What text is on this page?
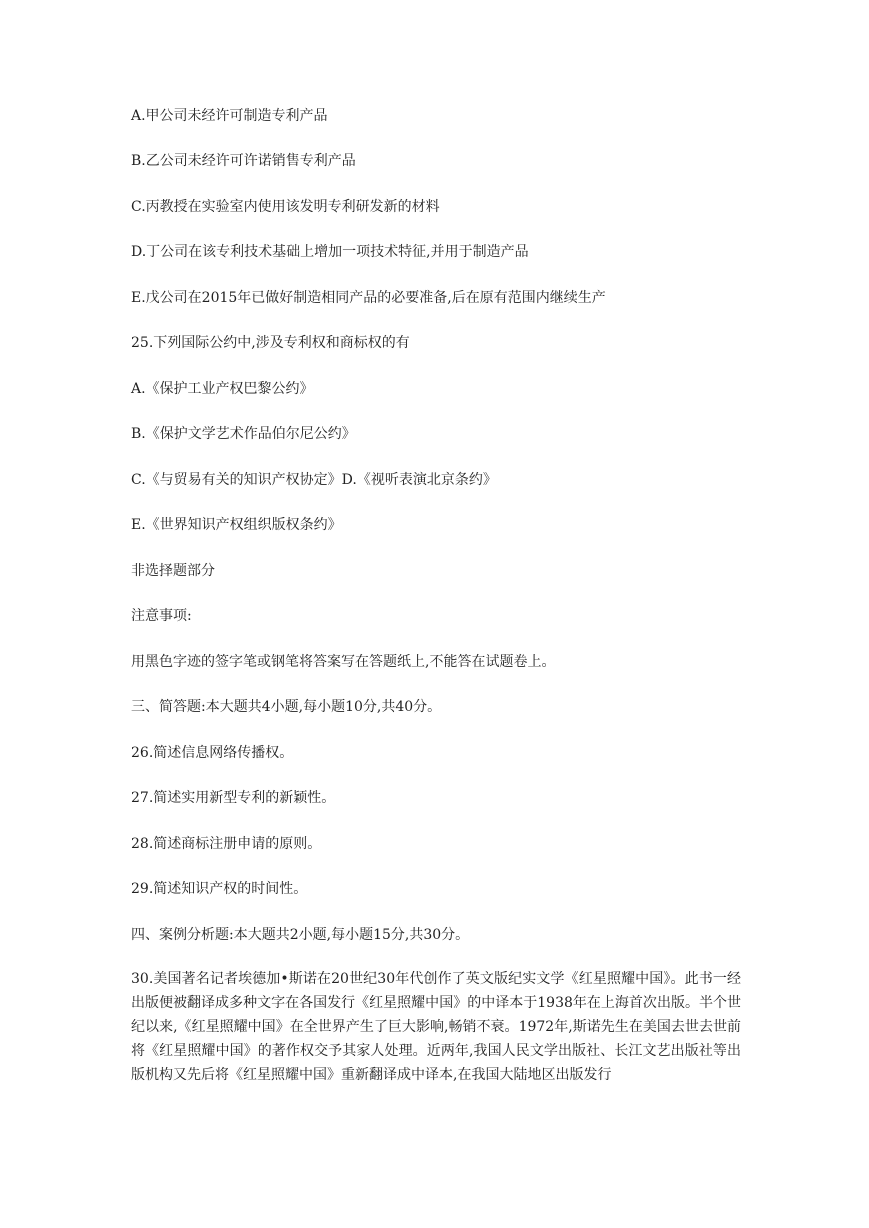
A.甲公司未经许可制造专利产品
B.乙公司未经许可许诺销售专利产品
C.丙教授在实验室内使用该发明专利研发新的材料
D.丁公司在该专利技术基础上增加一项技术特征,并用于制造产品
E.戊公司在2015年已做好制造相同产品的必要准备,后在原有范围内继续生产
25.下列国际公约中,涉及专利权和商标权的有
A.《保护工业产权巴黎公约》
B.《保护文学艺术作品伯尔尼公约》
C.《与贸易有关的知识产权协定》D.《视听表演北京条约》
E.《世界知识产权组织版权条约》
非选择题部分
注意事项:
用黑色字迹的签字笔或钢笔将答案写在答题纸上,不能答在试题卷上。
三、简答题:本大题共4小题,每小题10分,共40分。
26.简述信息网络传播权。
27.简述实用新型专利的新颖性。
28.简述商标注册申请的原则。
29.简述知识产权的时间性。
四、案例分析题:本大题共2小题,每小题15分,共30分。
30.美国著名记者埃德加•斯诺在20世纪30年代创作了英文版纪实文学《红星照耀中国》。此书一经出版便被翻译成多种文字在各国发行《红星照耀中国》的中译本于1938年在上海首次出版。半个世纪以来,《红星照耀中国》在全世界产生了巨大影响,畅销不衰。1972年,斯诺先生在美国去世去世前将《红星照耀中国》的著作权交予其家人处理。近两年,我国人民文学出版社、长江文艺出版社等出版机构又先后将《红星照耀中国》重新翻译成中译本,在我国大陆地区出版发行
